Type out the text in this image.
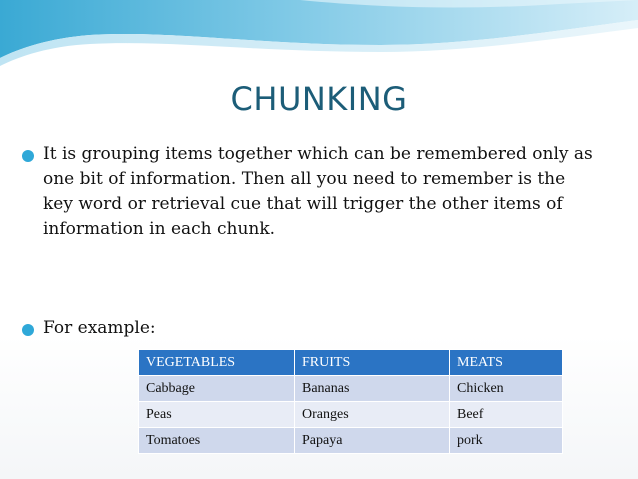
CHUNKING
It is grouping items together which can be remembered only as one bit of information. Then all you need to remember is the key word or retrieval cue that will trigger the other items of information in each chunk.
For example:
VEGETABLES	FRUITS	MEATS
Cabbage	Bananas	Chicken
Peas	Oranges	Beef
Tomatoes	Papaya	pork
